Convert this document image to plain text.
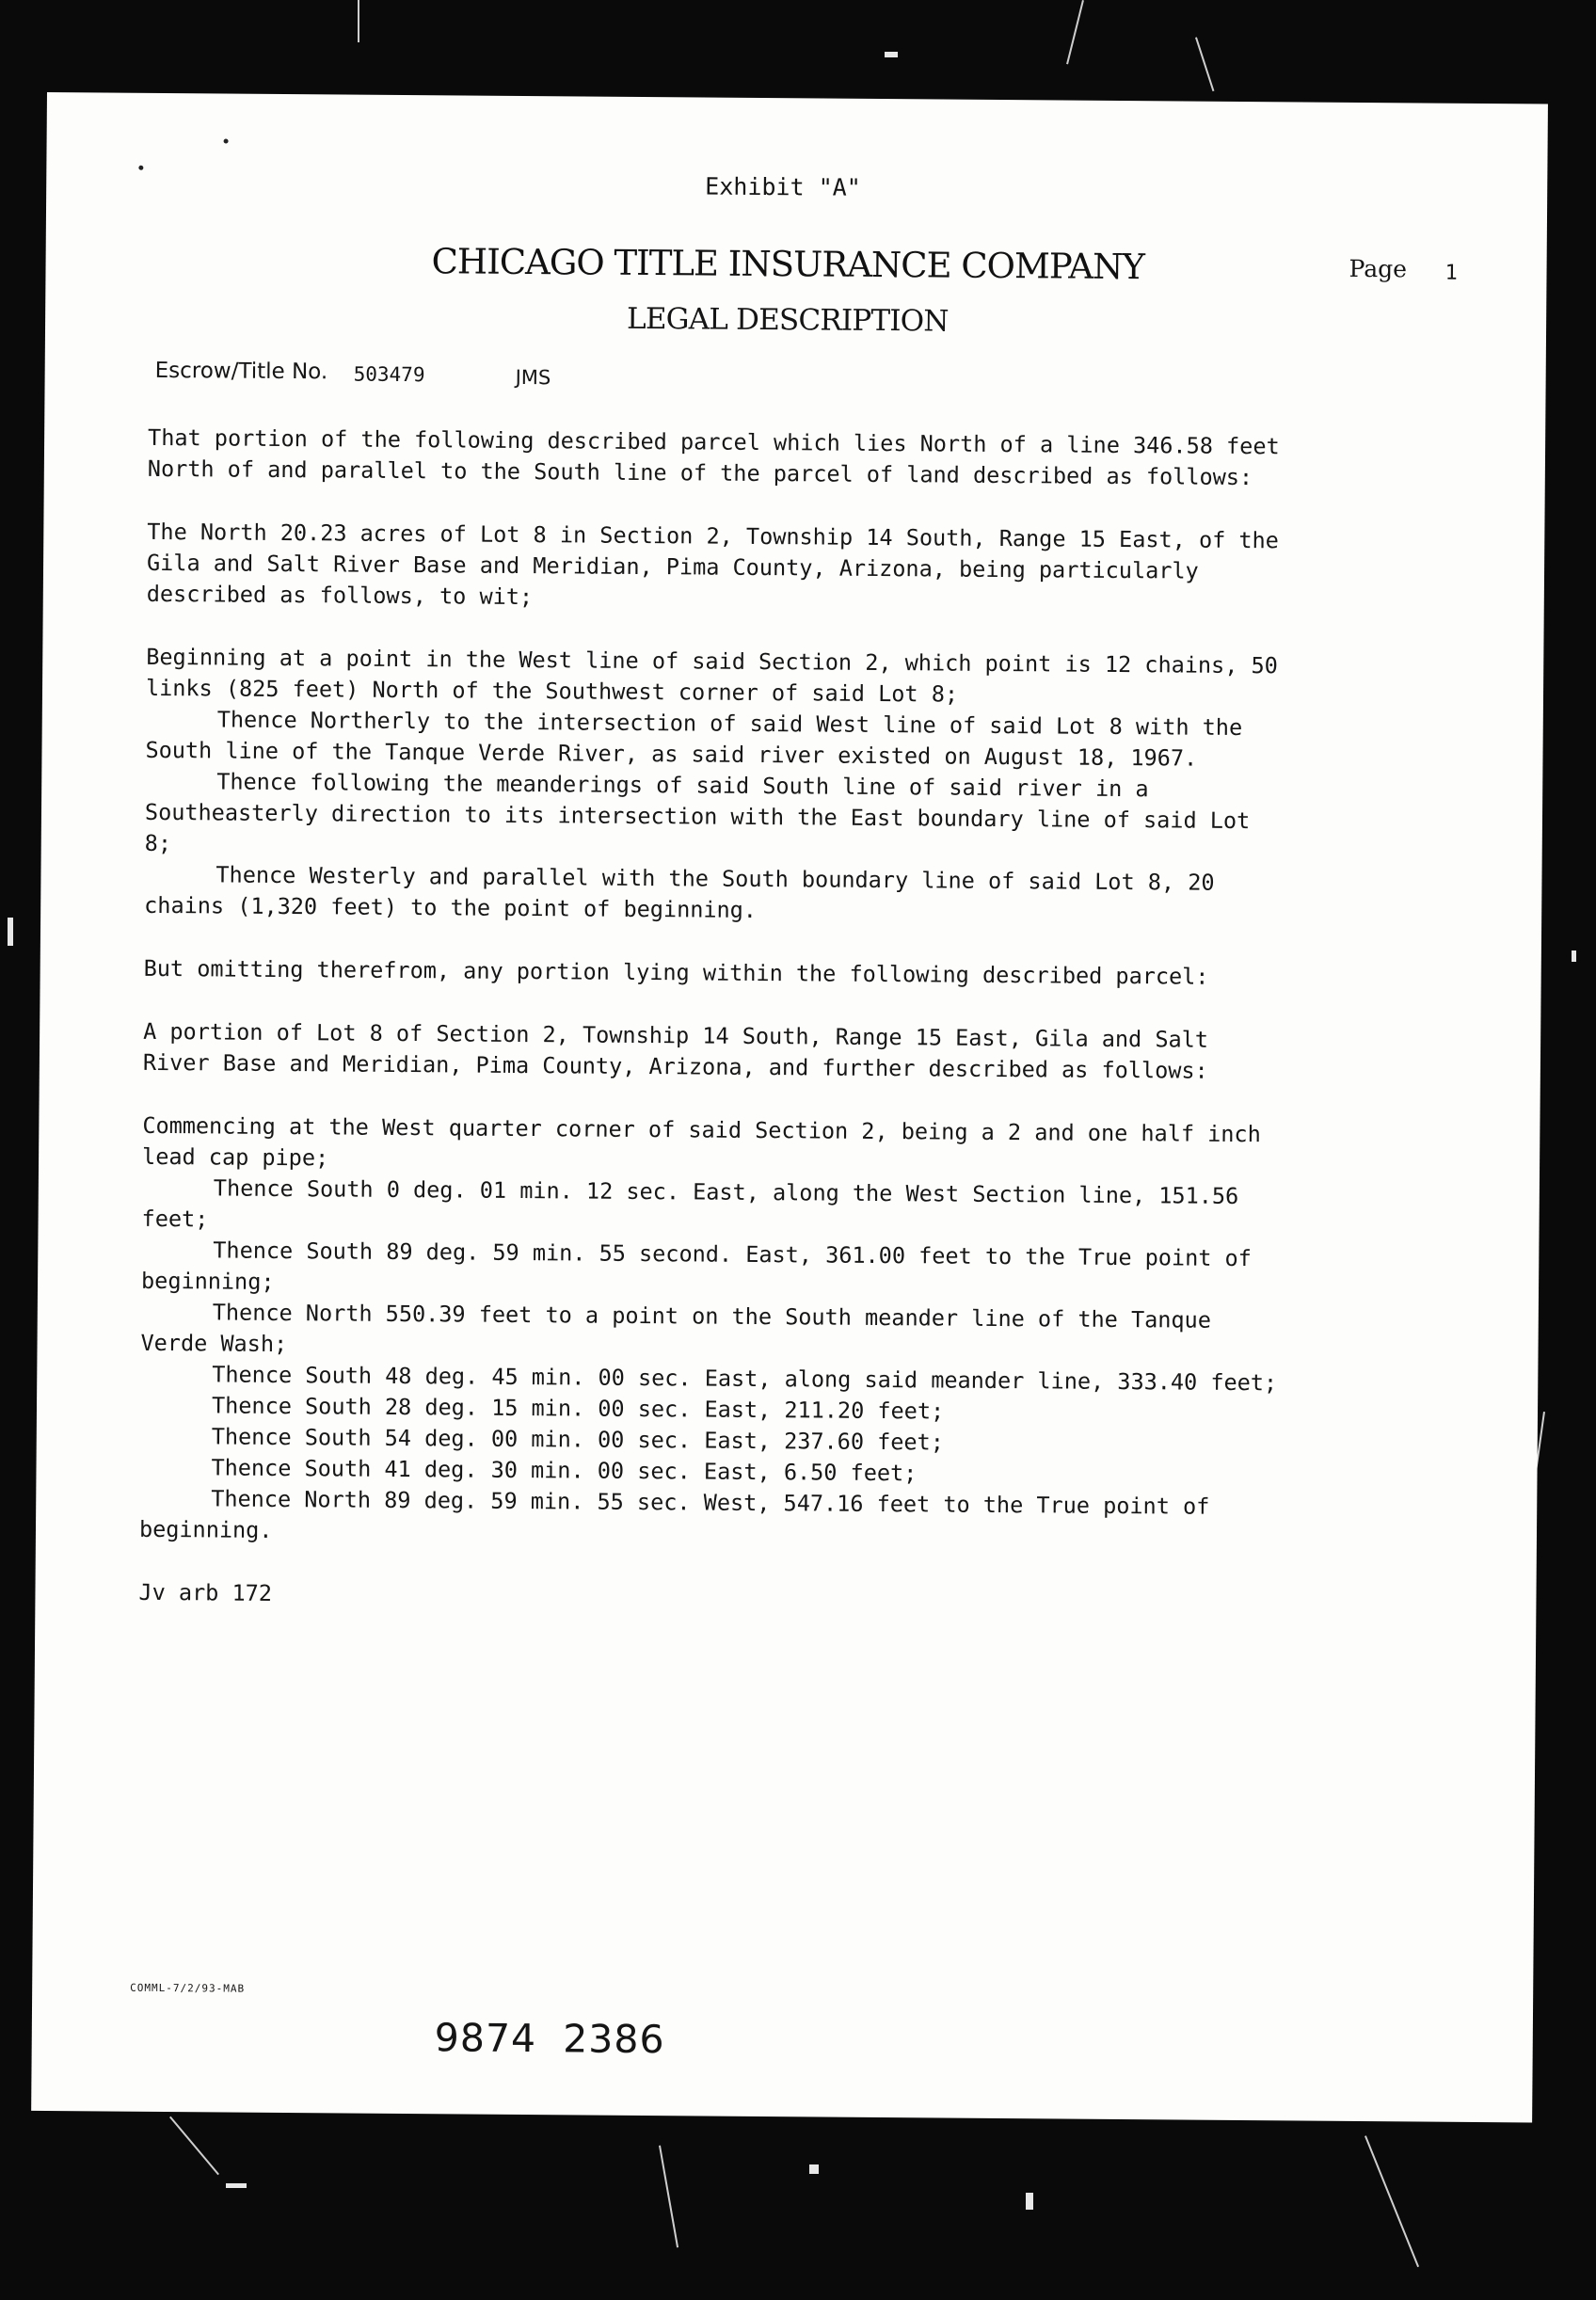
Exhibit "A"
CHICAGO TITLE INSURANCE COMPANY	Page 1
LEGAL DESCRIPTION
Escrow/Title No. 503479	JMS
That portion of the following described parcel which lies North of a line 346.58 feet
North of and parallel to the South line of the parcel of land described as follows:
The North 20.23 acres of Lot 8 in Section 2, Township 14 South, Range 15 East, of the
Gila and Salt River Base and Meridian, Pima County, Arizona, being particularly
described as follows, to wit;
Beginning at a point in the West line of said Section 2, which point is 12 chains, 50
links (825 feet) North of the Southwest corner of said Lot 8;
Thence Northerly to the intersection of said West line of said Lot 8 with the
South line of the Tanque Verde River, as said river existed on August 18, 1967.
Thence following the meanderings of said South line of said river in a
Southeasterly direction to its intersection with the East boundary line of said Lot
8;
Thence Westerly and parallel with the South boundary line of said Lot 8, 20
chains (1,320 feet) to the point of beginning.
But omitting therefrom, any portion lying within the following described parcel:
A portion of Lot 8 of Section 2, Township 14 South, Range 15 East, Gila and Salt
River Base and Meridian, Pima County, Arizona, and further described as follows:
Commencing at the West quarter corner of said Section 2, being a 2 and one half inch
lead cap pipe;
Thence South 0 deg. 01 min. 12 sec. East, along the West Section line, 151.56
feet;
Thence South 89 deg. 59 min. 55 second. East, 361.00 feet to the True point of
beginning;
Thence North 550.39 feet to a point on the South meander line of the Tanque
Verde Wash;
Thence South 48 deg. 45 min. 00 sec. East, along said meander line, 333.40 feet;
Thence South 28 deg. 15 min. 00 sec. East, 211.20 feet;
Thence South 54 deg. 00 min. 00 sec. East, 237.60 feet;
Thence South 41 deg. 30 min. 00 sec. East, 6.50 feet;
Thence North 89 deg. 59 min. 55 sec. West, 547.16 feet to the True point of
beginning.
Jv arb 172
COMML-7/2/93-MAB
9874 2386
